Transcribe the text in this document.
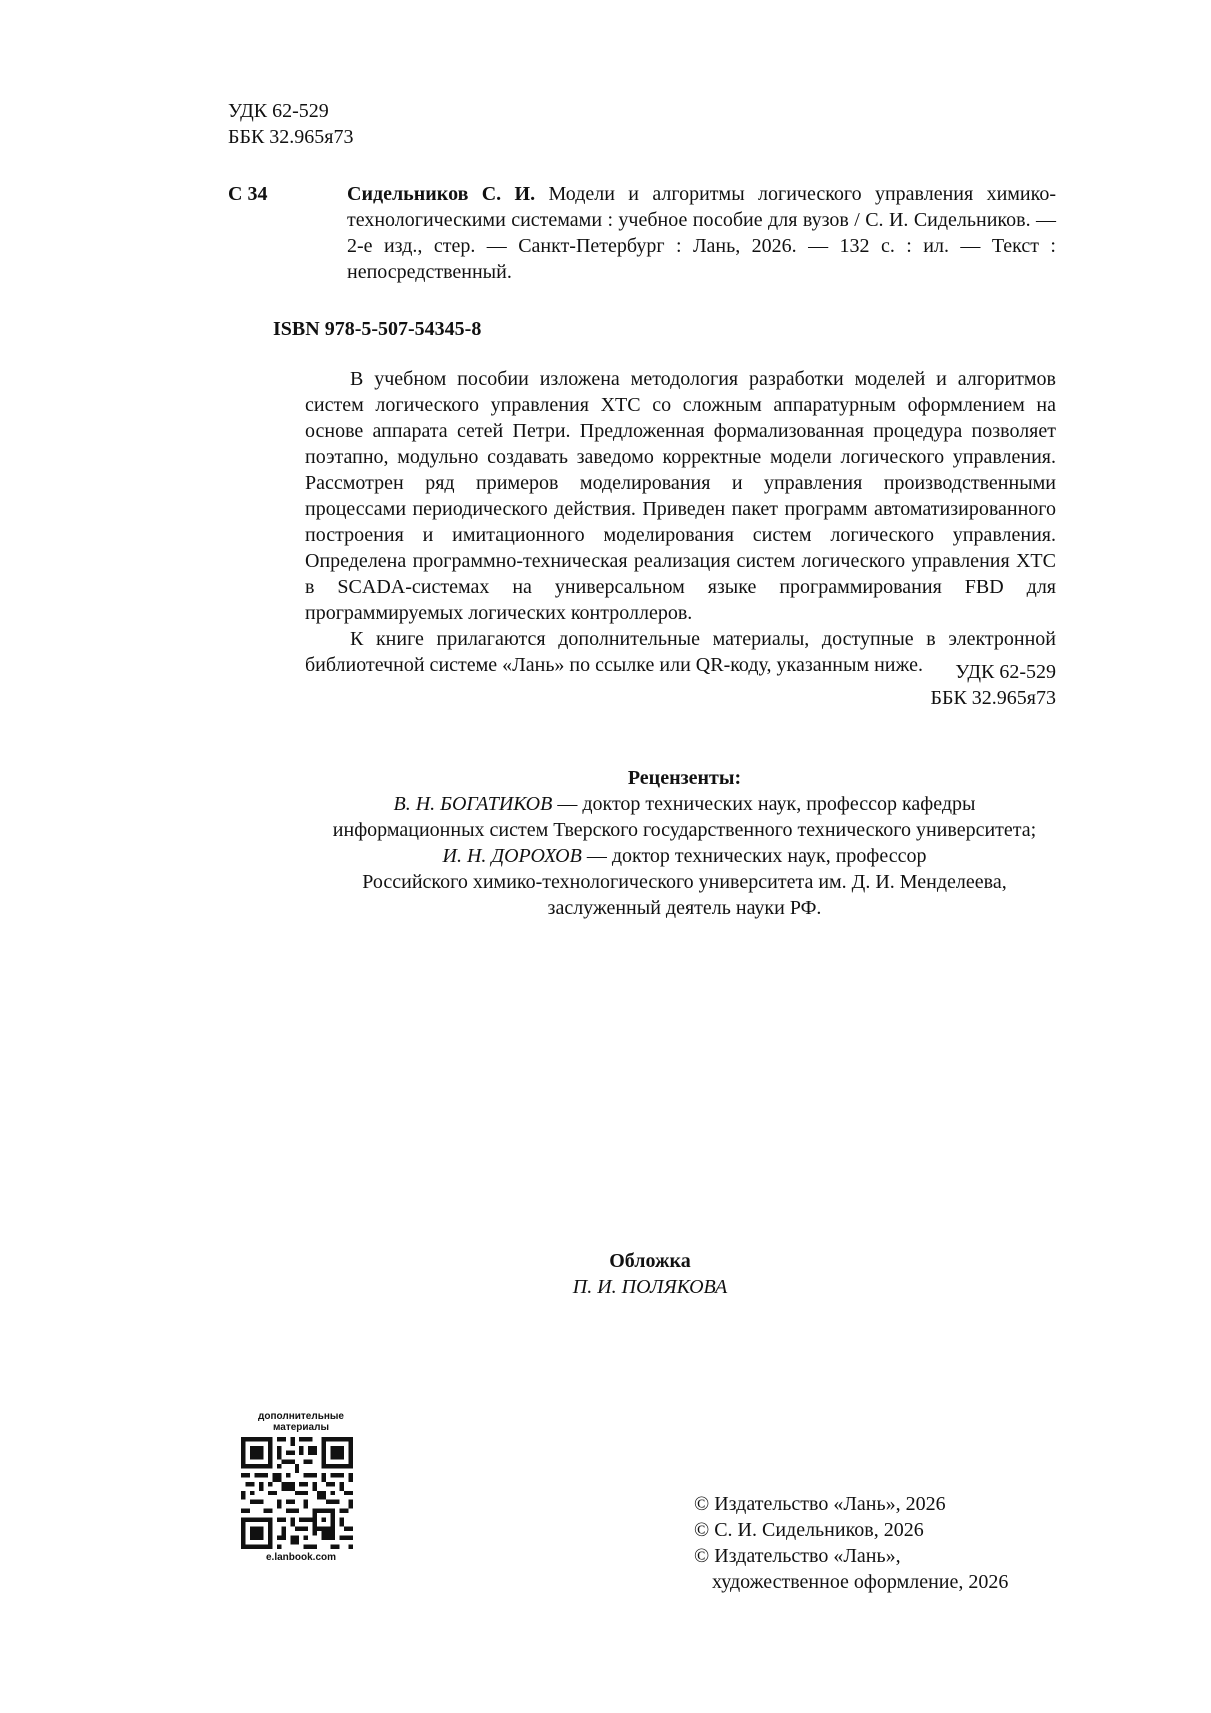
УДК 62-529
ББК 32.965я73
С 34	Сидельников С. И. Модели и алгоритмы логического управления химико-технологическими системами : учебное пособие для вузов / С. И. Сидельников. — 2-е изд., стер. — Санкт-Петербург : Лань, 2026. — 132 с. : ил. — Текст : непосредственный.
ISBN 978-5-507-54345-8

В учебном пособии изложена методология разработки моделей и алгоритмов систем логического управления ХТС со сложным аппаратурным оформлением на основе аппарата сетей Петри. Предложенная формализованная процедура позволяет поэтапно, модульно создавать заведомо корректные модели логического управления. Рассмотрен ряд примеров моделирования и управления производственными процессами периодического действия. Приведен пакет программ автоматизированного построения и имитационного моделирования систем логического управления. Определена программно-техническая реализация систем логического управления ХТС в SCADA-системах на универсальном языке программирования FBD для программируемых логических контроллеров.

К книге прилагаются дополнительные материалы, доступные в электронной библиотечной системе «Лань» по ссылке или QR-коду, указанным ниже.	УДК 62-529
ББК 32.965я73
Рецензенты:
В. Н. БОГАТИКОВ — доктор технических наук, профессор кафедры
информационных систем Тверского государственного технического университета;
И. Н. ДОРОХОВ — доктор технических наук, профессор
Российского химико-технологического университета им. Д. И. Менделеева,
заслуженный деятель науки РФ.
Обложка
П. И. ПОЛЯКОВА
дополнительные
материалы
e.lanbook.com
© Издательство «Лань», 2026
© С. И. Сидельников, 2026
© Издательство «Лань»,
художественное оформление, 2026
